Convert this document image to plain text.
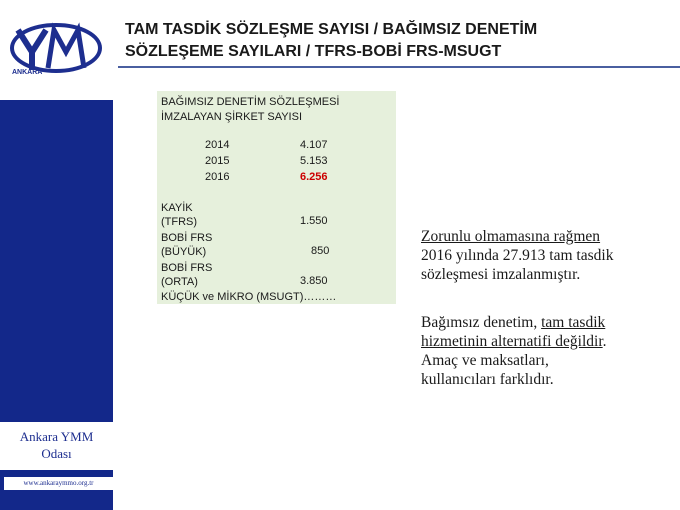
ANKARA
Ankara YMM
Odası
www.ankaraymmo.org.tr
TAM TASDİK SÖZLEŞME SAYISI / BAĞIMSIZ DENETİM
SÖZLEŞEME SAYILARI / TFRS-BOBİ FRS-MSUGT
BAĞIMSIZ DENETİM SÖZLEŞMESİ
İMZALAYAN ŞİRKET SAYISI
2014	4.107
2015	5.153
2016	6.256
KAYİK
(TFRS)	1.550
BOBİ FRS
(BÜYÜK)	850
BOBİ FRS
(ORTA)	3.850
KÜÇÜK ve MİKRO (MSUGT)………
Zorunlu olmamasına rağmen
2016 yılında 27.913 tam tasdik
sözleşmesi imzalanmıştır.
Bağımsız denetim, tam tasdik
hizmetinin alternatifi değildir.
Amaç ve maksatları,
kullanıcıları farklıdır.
